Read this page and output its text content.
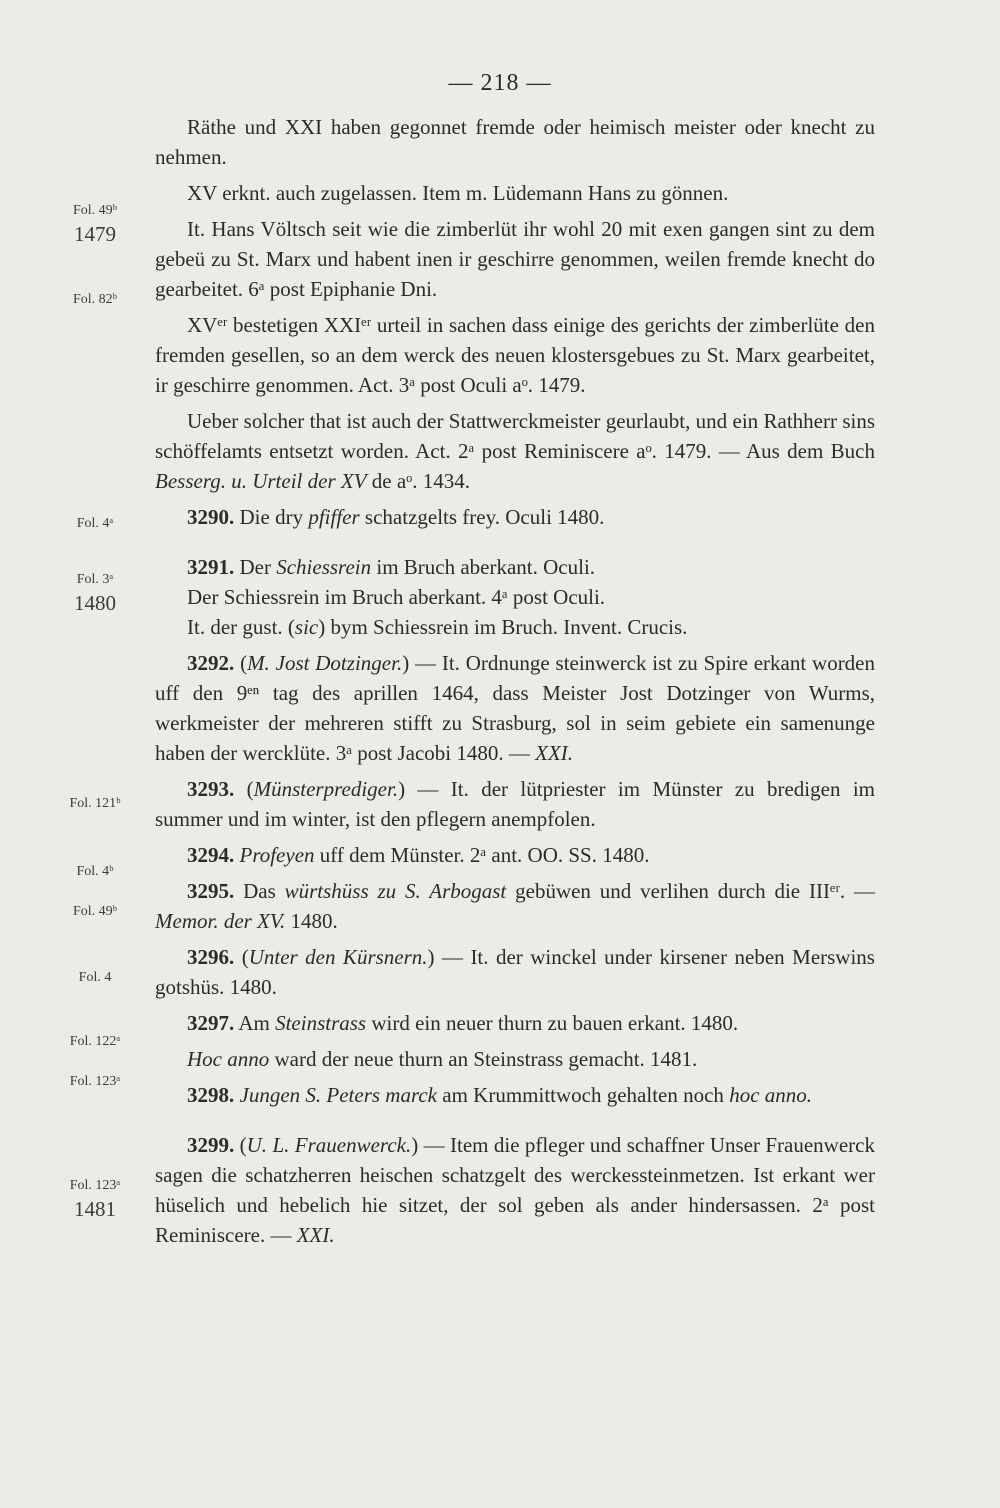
— 218 —
Fol. 49ᵇ
1479
Fol. 82ᵇ
Fol. 4ᵃ
Fol. 3ᵃ
1480
Fol. 121ᵇ
Fol. 4ᵇ
Fol. 49ᵇ
Fol. 4
Fol. 122ᵃ
Fol. 123ᵃ
Fol. 123ᵃ
1481

Räthe und XXI haben gegonnet fremde oder heimisch meister oder knecht zu nehmen.

XV erknt. auch zugelassen. Item m. Lüdemann Hans zu gönnen.

It. Hans Völtsch seit wie die zimberlüt ihr wohl 20 mit exen gangen sint zu dem gebeü zu St. Marx und habent inen ir geschirre genommen, weilen fremde knecht do gearbeitet. 6ᵃ post Epiphanie Dni.

XVᵉʳ bestetigen XXIᵉʳ urteil in sachen dass einige des gerichts der zimberlüte den fremden gesellen, so an dem werck des neuen klostersgebues zu St. Marx gearbeitet, ir geschirre genommen. Act. 3ᵃ post Oculi aᵒ. 1479.

Ueber solcher that ist auch der Stattwerckmeister geurlaubt, und ein Rathherr sins schöffelamts entsetzt worden. Act. 2ᵃ post Reminiscere aᵒ. 1479. — Aus dem Buch Besserg. u. Urteil der XV de aᵒ. 1434.

3290. Die dry pfiffer schatzgelts frey. Oculi 1480.

3291. Der Schiessrein im Bruch aberkant. Oculi.

Der Schiessrein im Bruch aberkant. 4ᵃ post Oculi.

It. der gust. (sic) bym Schiessrein im Bruch. Invent. Crucis.

3292. (M. Jost Dotzinger.) — It. Ordnunge steinwerck ist zu Spire erkant worden uff den 9ᵉⁿ tag des aprillen 1464, dass Meister Jost Dotzinger von Wurms, werkmeister der mehreren stifft zu Strasburg, sol in seim gebiete ein samenunge haben der wercklüte. 3ᵃ post Jacobi 1480. — XXI.

3293. (Münsterprediger.) — It. der lütpriester im Münster zu bredigen im summer und im winter, ist den pflegern anempfolen.

3294. Profeyen uff dem Münster. 2ᵃ ant. OO. SS. 1480.

3295. Das würtshüss zu S. Arbogast gebüwen und verlihen durch die IIIᵉʳ. — Memor. der XV. 1480.

3296. (Unter den Kürsnern.) — It. der winckel under kirsener neben Merswins gotshüs. 1480.

3297. Am Steinstrass wird ein neuer thurn zu bauen erkant. 1480.

Hoc anno ward der neue thurn an Steinstrass gemacht. 1481.

3298. Jungen S. Peters marck am Krummittwoch gehalten noch hoc anno.

3299. (U. L. Frauenwerck.) — Item die pfleger und schaffner Unser Frauenwerck sagen die schatzherren heischen schatzgelt des werckessteinmetzen. Ist erkant wer hüselich und hebelich hie sitzet, der sol geben als ander hindersassen. 2ᵃ post Reminiscere. — XXI.
